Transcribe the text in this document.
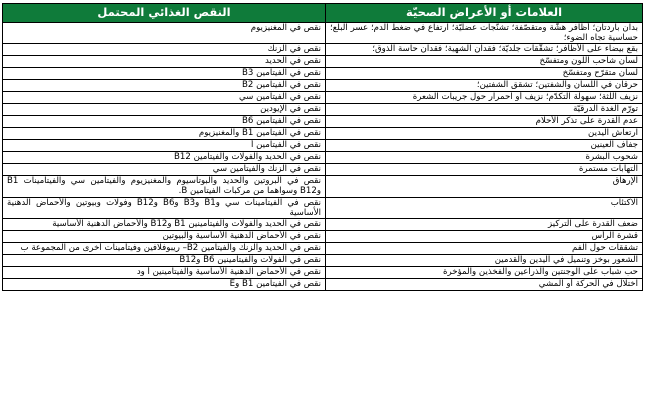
العلامات أو الأعراض الصحيّة	النقص الغذائي المحتمل
بدان باردتان؛ أظافر هشّة ومتقصّفة؛ تشنّجات عضليّة؛ ارتفاع في ضغط الدم؛ عسر البلع؛ حساسية تجاه الضوء؛	نقص في المغنيزيوم
بقع بيضاء على الأظافر؛ تشقّقات جلديّة؛ فقدان الشهية؛ فقدان حاسة الذوق؛	نقص في الزنك
لسان شاحب اللون ومتفسّخ	نقص في الحديد
لسان متقرّح ومتفسّخ	نقص في الفيتامين B3
حرقان في اللسان والشفتين؛ تشقق الشفتين؛	نقص في الفيتامين B2
نزيف اللثة؛ سهولة التكدّم؛ نزيف أو احمرار حول جريبات الشعرة	نقص في الفيتامين سي
تورّم الغدة الدرقيّة	نقص في الإيودين
عدم القدرة على تذكر الأحلام	نقص في الفيتامين B6
ارتعاش اليدين	نقص في الفيتامين B1 والمغنيزيوم
جفاف العينين	نقص في الفيتامين أ
شحوب البشرة	نقص في الحديد والفولات والفيتامين B12
التهابات مستمرة	نقص في الزنك والفيتامين سي
الإرهاق	نقص في البروتين والحديد والبوتاسيوم والمغنيزيوم والفيتامين سي والفيتامينات B1 وB12 وسواهما من مركبات الفيتامين B.
الاكتئاب	نقص في الفيتامينات سي وB1 وB3 وB6 وB12 وفولات وبيوتين والأحماض الدهنية الأساسية
ضعف القدرة على التركيز	نقص في الحديد والفولات والفيتامينين B1 وB12 والأحماض الدهنية الأساسية
قشرة الرأس	نقص في الأحماض الدهنية الأساسية والبيوتين
تشققات حول الفم	نقص في الحديد والزنك والفيتامين B2– ريبوفلافين وفيتامينات أخرى من المجموعة ب
الشعور بوخز وتنميل في اليدين والقدمين	نقص في الفولات والفيتامينين B6 وB12
حب شباب على الوجنتين والذراعين والفخذين والمؤخرة	نقص في الأحماض الدهنية الأساسية والفيتامينين أ ود
اختلال في الحركة أو المشي	نقص في الفيتامين B1 وE
